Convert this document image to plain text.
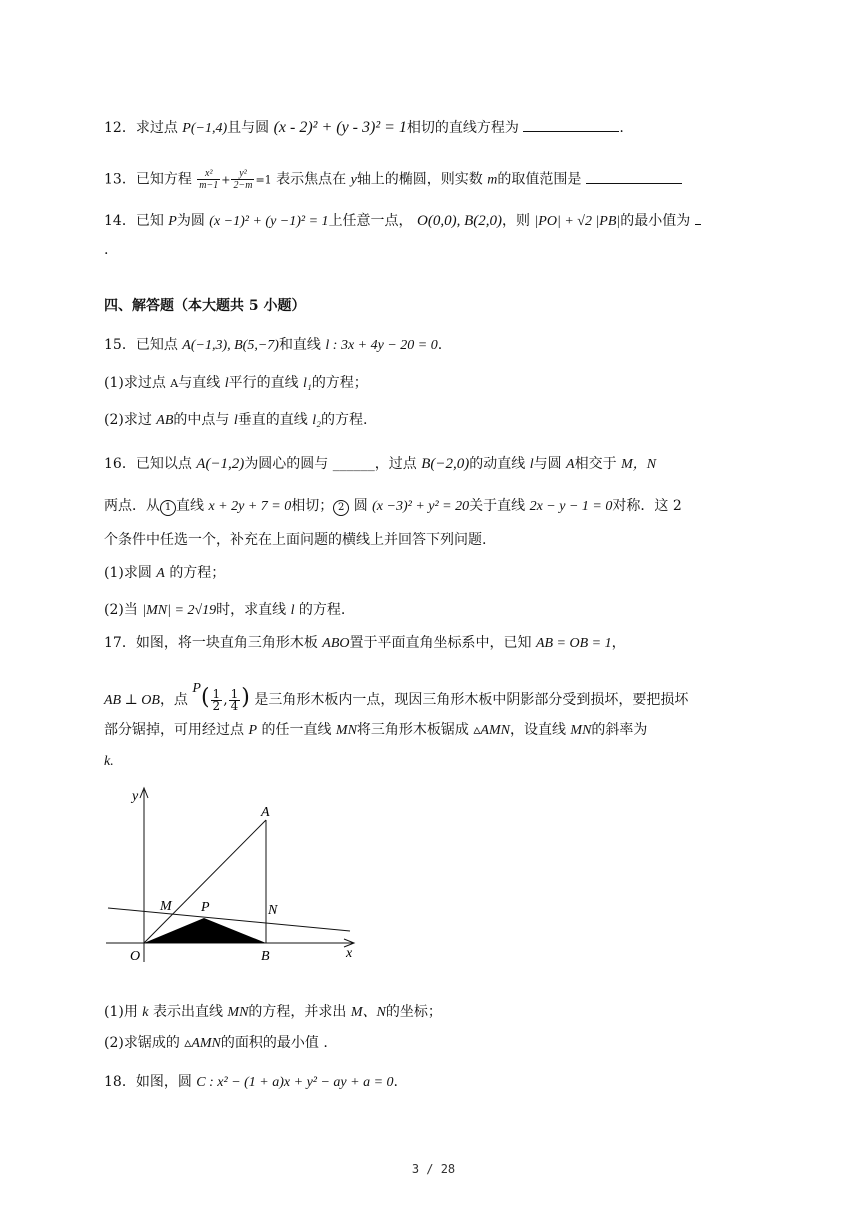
12．求过点 P(−1,4)且与圆 (x - 2)² + (y - 3)² = 1相切的直线方程为	.
13．已知方程 $\frac{\text{x²}}{m-1} + \frac{\text{y²}}{2-m} =1$ 表示焦点在 y轴上的椭圆，则实数 m的取值范围是
14．已知 P为圆 (x −1)² + (y −1)² = 1上任意一点， O(0,0), B(2,0)，则 |PO| + √2 |PB|的最小值为
.
四、解答题（本大题共 5 小题）
15．已知点 A(−1,3), B(5,−7)和直线 l : 3x + 4y − 20 = 0.
(1)求过点 A与直线 l平行的直线 l₁的方程；
(2)求过 AB的中点与 l垂直的直线 l₂的方程.
16．已知以点 A(−1,2)为圆心的圆与 ______，过点 B(−2,0)的动直线 l与圆 A相交于 M，N
两点．从 1 直线 x + 2y + 7 = 0相切； 2 圆 (x −3)² + y² = 20关于直线 2x − y − 1 = 0对称．这 2
个条件中任选一个，补充在上面问题的横线上并回答下列问题.
(1)求圆 A 的方程；
(2)当 |MN| = 2√19时，求直线 l 的方程.
17．如图，将一块直角三角形木板 ABO置于平面直角坐标系中，已知 AB = OB = 1，
AB ⊥ OB，点 $P( \frac{1}{2}$ , $\frac{1}{4}$ ) 是三角形木板内一点，现因三角形木板中阴影部分受到损坏，要把损坏
部分锯掉，可用经过点 P 的任一直线 MN将三角形木板锯成 ▵AMN，设直线 MN的斜率为
k.
y
x
O
A
B
M	N
P
(1)用 k 表示出直线 MN的方程，并求出 M、N的坐标；
(2)求锯成的 ▵AMN的面积的最小值 .
18．如图，圆 C : x² − (1 + a)x + y² − ay + a = 0.
3 / 28
